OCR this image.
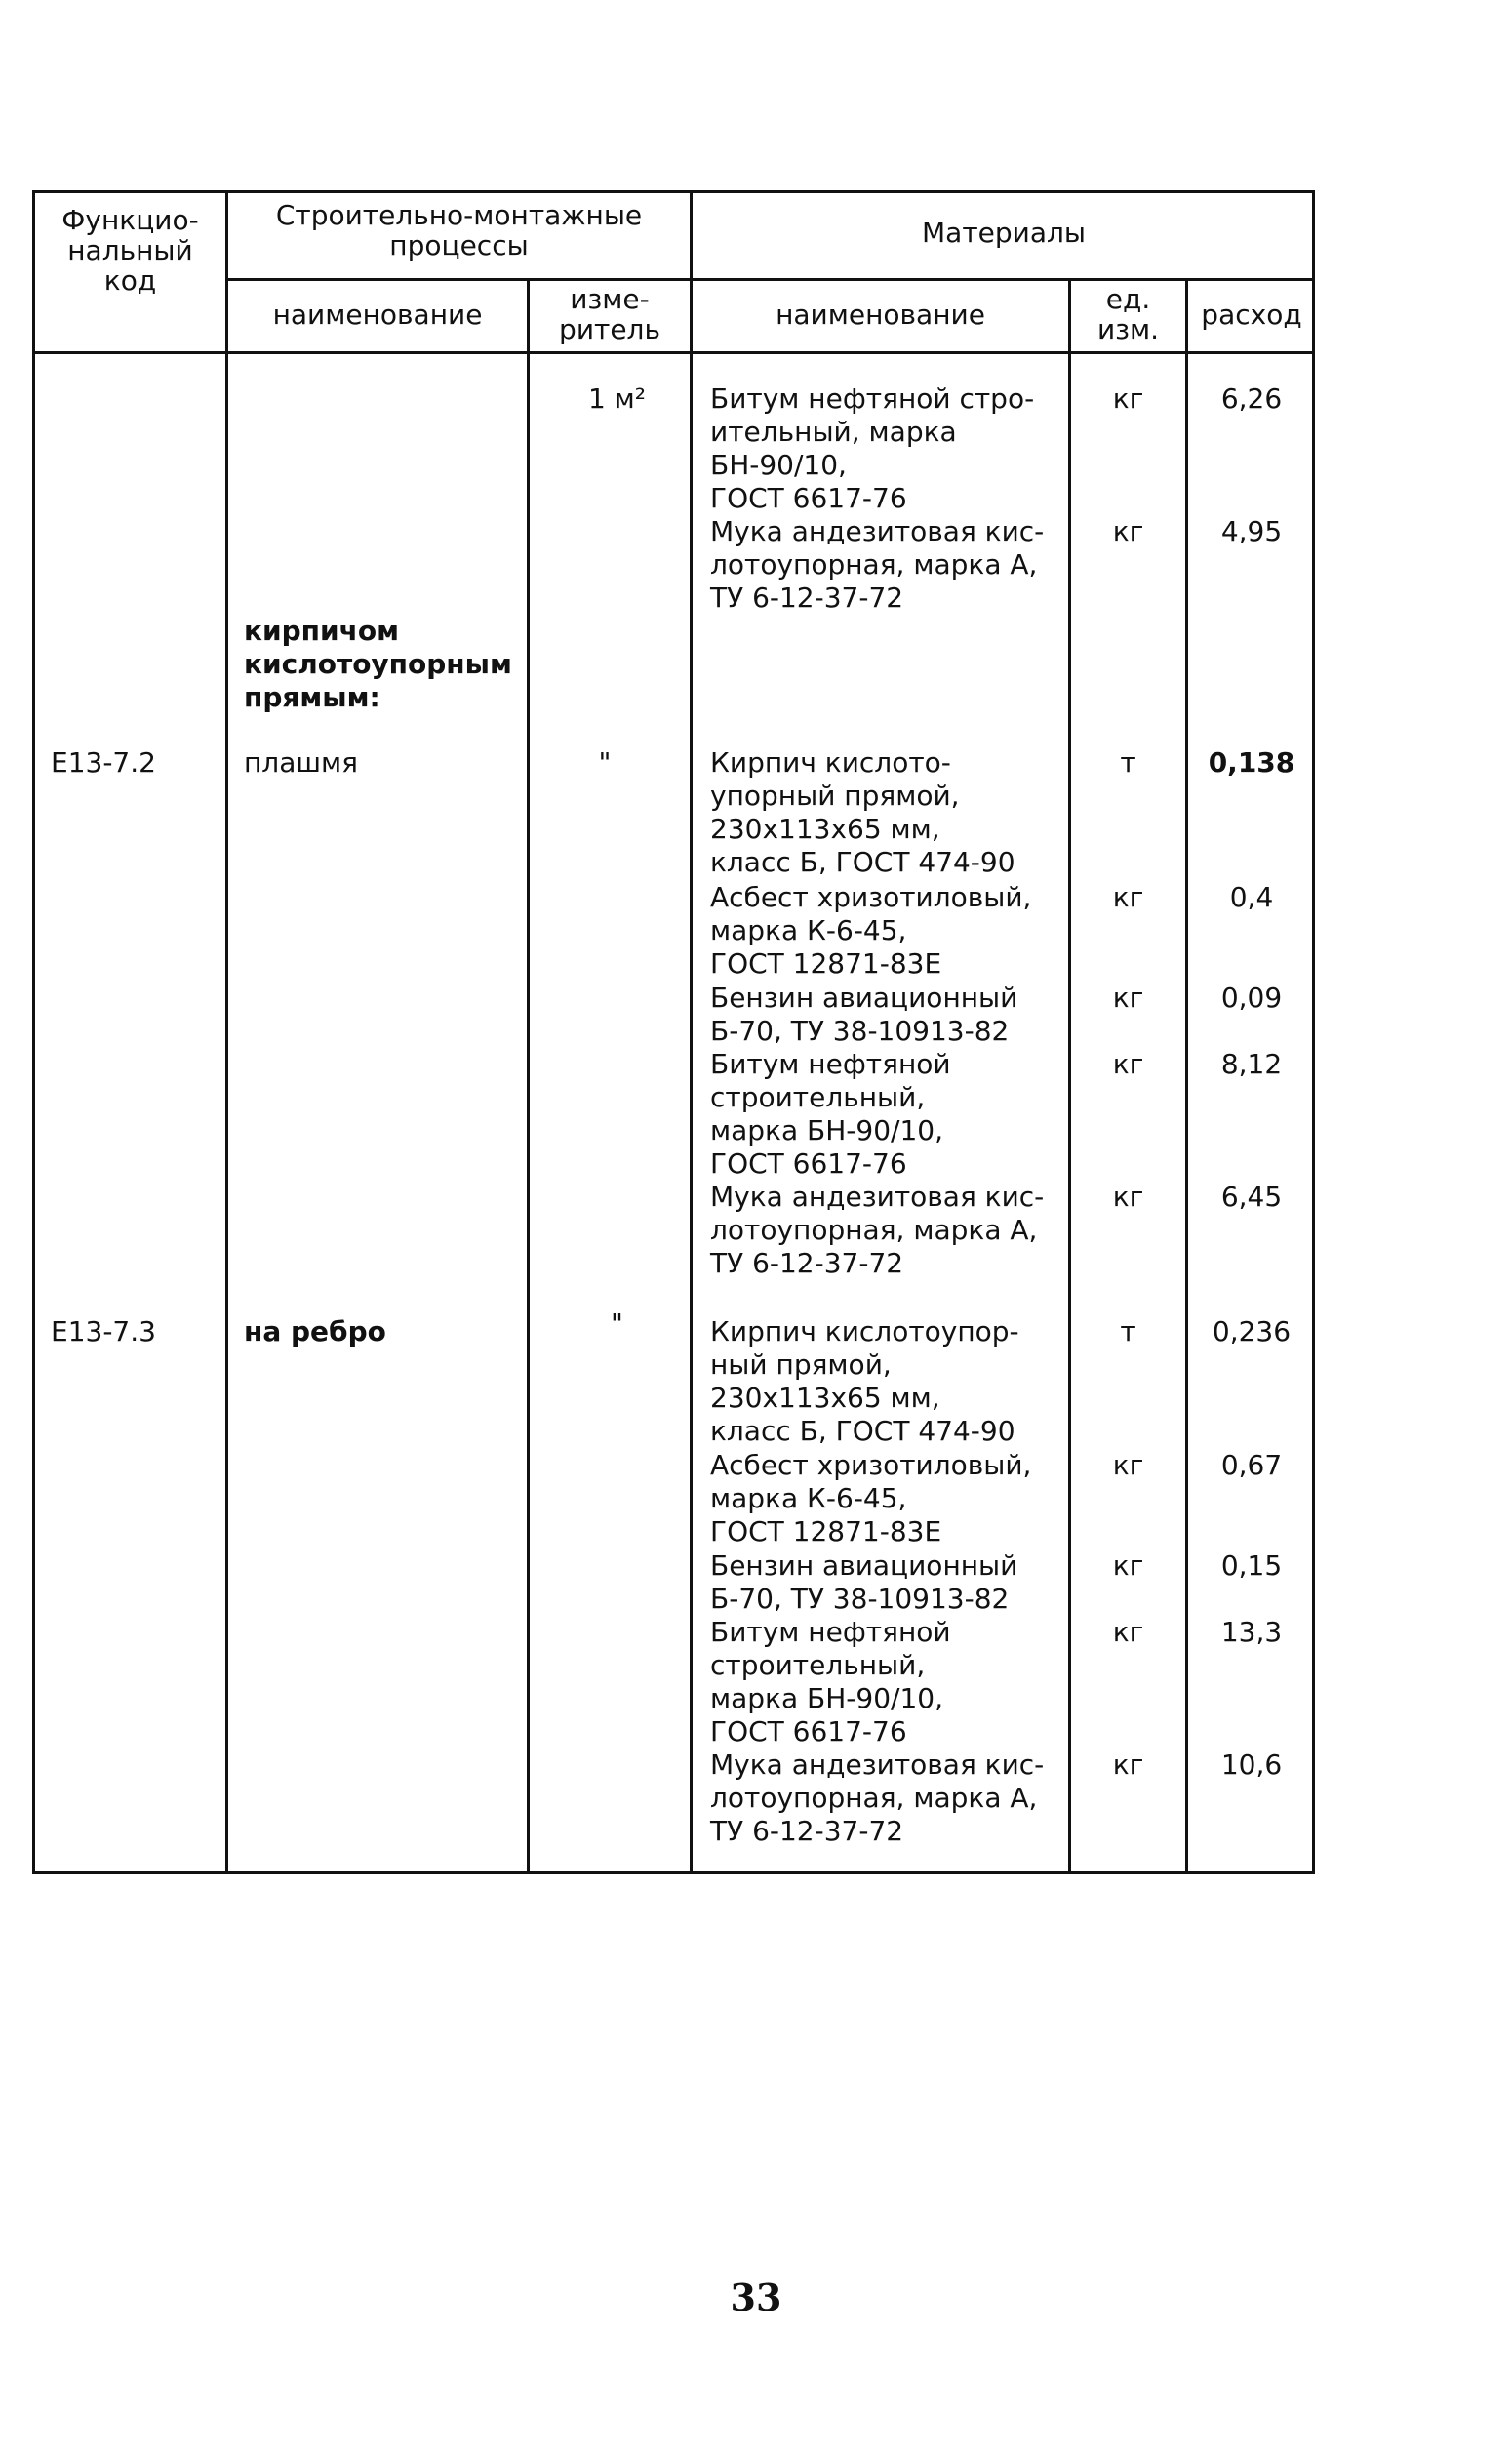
Функцио-
нальный
код
Строительно-монтажные
процессы	Материалы
наименование	изме-
ритель	наименование	ед.
изм.	расход
1 м²	Битум нефтяной стро-
ительный, марка
БН-90/10,
ГОСТ 6617-76
кг	6,26
Мука андезитовая кис-
лотоупорная, марка А,
ТУ 6-12-37-72
кг	4,95
кирпичом
кислотоупорным
прямым:
Е13-7.2	плашмя	"	Кирпич кислото-
упорный прямой,
230x113x65 мм,
класс Б, ГОСТ 474-90
т	0,138
Асбест хризотиловый,
марка К-6-45,
ГОСТ 12871-83Е
кг	0,4
Бензин авиационный
Б-70, ТУ 38-10913-82
кг	0,09
Битум нефтяной
строительный,
марка БН-90/10,
ГОСТ 6617-76
кг	8,12
Мука андезитовая кис-
лотоупорная, марка А,
ТУ 6-12-37-72
кг	6,45
Е13-7.3	на ребро	"	Кирпич кислотоупор-
ный прямой,
230x113x65 мм,
класс Б, ГОСТ 474-90
т	0,236
Асбест хризотиловый,
марка К-6-45,
ГОСТ 12871-83Е
кг	0,67
Бензин авиационный
Б-70, ТУ 38-10913-82
кг	0,15
Битум нефтяной
строительный,
марка БН-90/10,
ГОСТ 6617-76
кг	13,3
Мука андезитовая кис-
лотоупорная, марка А,
ТУ 6-12-37-72
кг	10,6
33
